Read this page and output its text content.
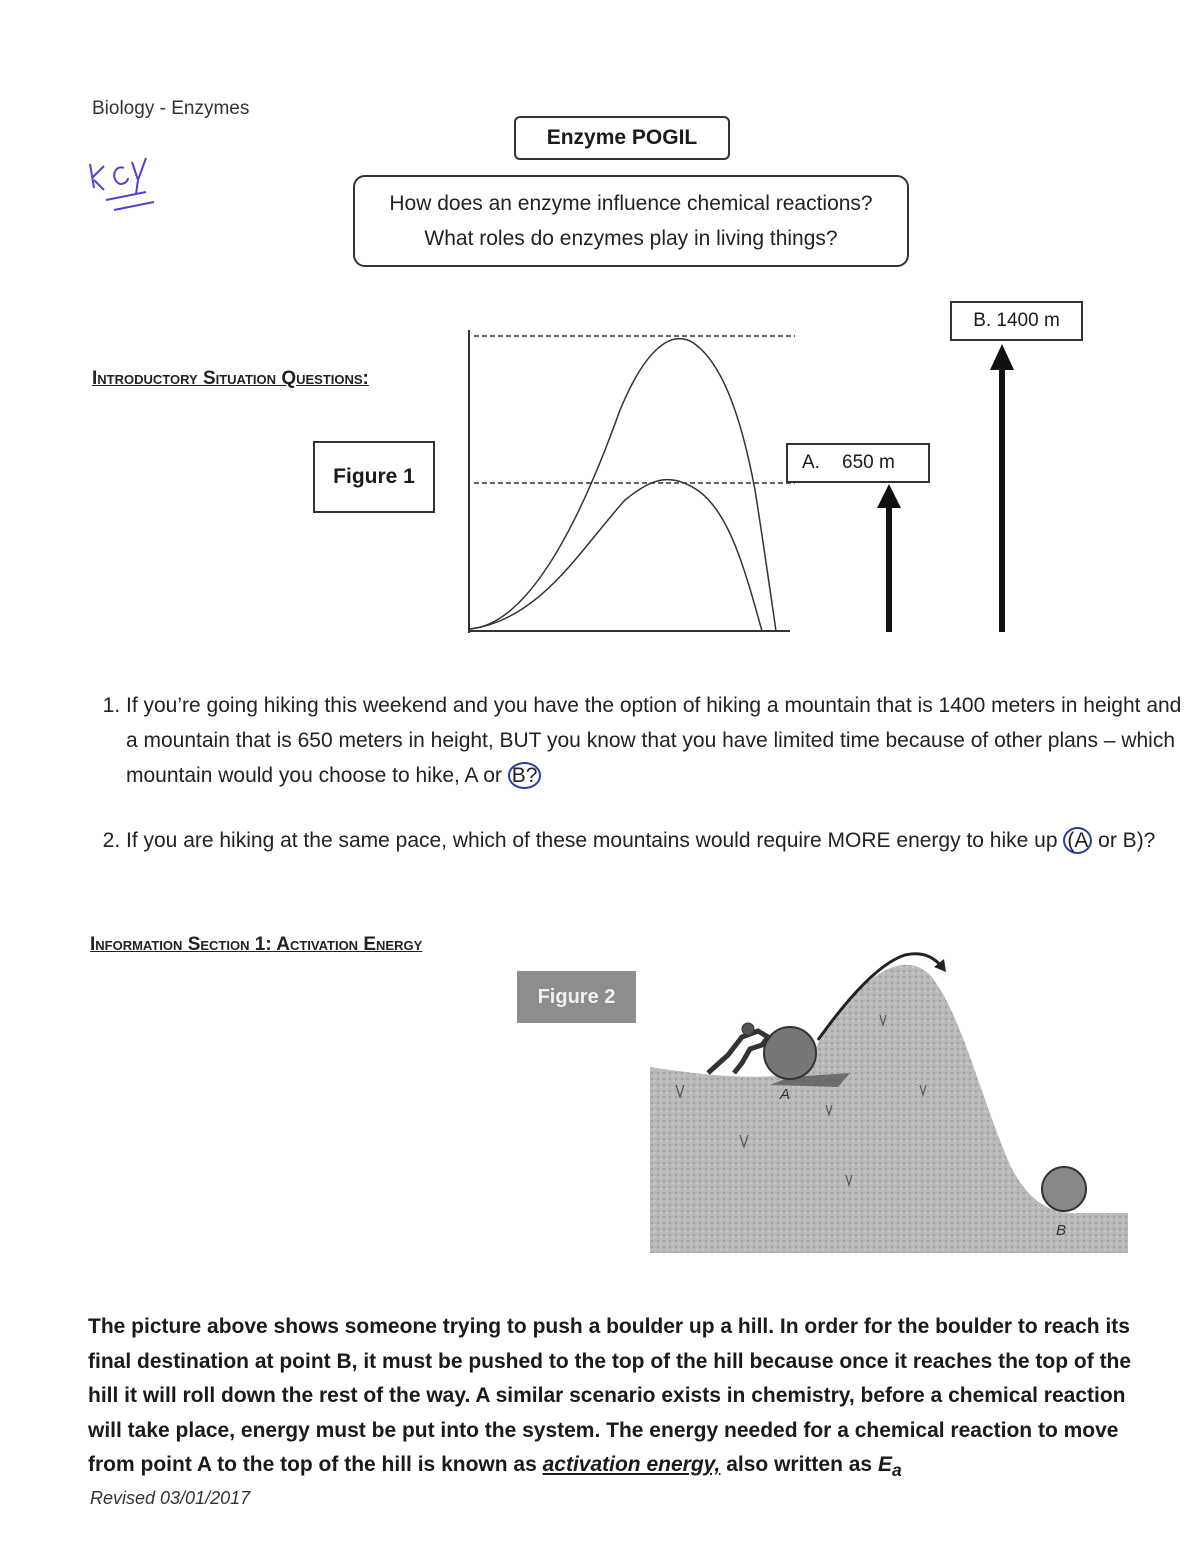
Biology - Enzymes
Enzyme POGIL
How does an enzyme influence chemical reactions?
What roles do enzymes play in living things?
Introductory Situation Questions:
Figure 1
A.	650 m
B. 1400 m
1. If you’re going hiking this weekend and you have the option of hiking a mountain that is 1400 meters in height and a mountain that is 650 meters in height, BUT you know that you have limited time because of other plans – which mountain would you choose to hike, A or B?
2. If you are hiking at the same pace, which of these mountains would require MORE energy to hike up (A or B)?
Information Section 1: Activation Energy
Figure 2
A
B
The picture above shows someone trying to push a boulder up a hill. In order for the boulder to reach its final destination at point B, it must be pushed to the top of the hill because once it reaches the top of the hill it will roll down the rest of the way. A similar scenario exists in chemistry, before a chemical reaction will take place, energy must be put into the system. The energy needed for a chemical reaction to move from point A to the top of the hill is known as activation energy, also written as $E_a$
Revised 03/01/2017
